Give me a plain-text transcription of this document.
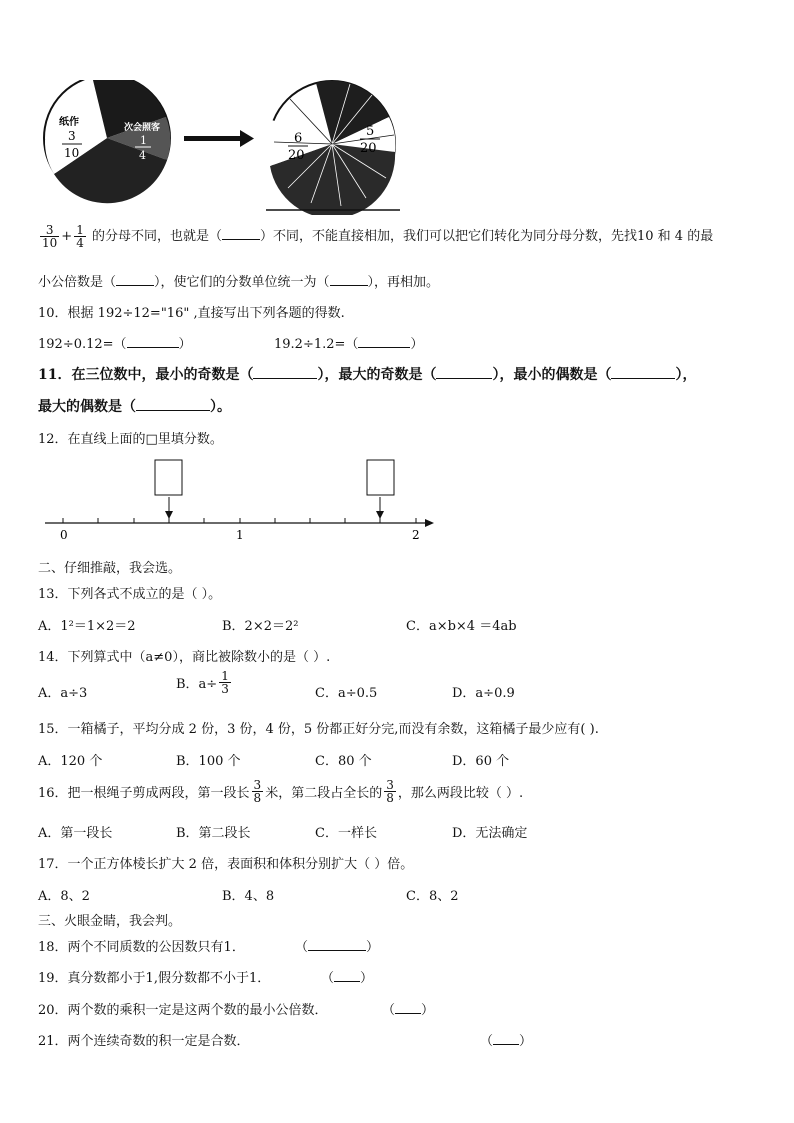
纸作
3
10
次会照客
1
4
6
20
5
20
$\frac{3}{10} + \frac{1}{4}$ 的分母不同，也就是（	）不同，不能直接相加，我们可以把它们转化为同分母分数，先找10 和 4 的最
小公倍数是（	），使它们的分数单位统一为（	），再相加。
10．根据 192÷12="16" ,直接写出下列各题的得数.
192÷0.12=（	）	19.2÷1.2=（	）
11．在三位数中，最小的奇数是（	），最大的奇数是（	），最小的偶数是（	），
最大的偶数是（	）。
12．在直线上面的□里填分数。
0	1	2
二、仔细推敲，我会选。
13．下列各式不成立的是（ ）。
A．1²＝1×2＝2	B．2×2＝2²	C．a×b×4 ＝4ab
14．下列算式中（a≠0），商比被除数小的是（ ）.
A．a÷3
B．$a\div \frac{1}{3}$	C．a÷0.5	D．a÷0.9
15．一箱橘子，平均分成 2 份，3 份，4 份，5 份都正好分完,而没有余数，这箱橘子最少应有( ).
A．120 个	B．100 个	C．80 个	D．60 个
16．把一根绳子剪成两段，第一段长 $\frac{3}{8}$ 米，第二段占全长的 $\frac{3}{8}$ ，那么两段比较（ ）.
A．第一段长	B．第二段长	C．一样长	D．无法确定
17．一个正方体棱长扩大 2 倍，表面积和体积分别扩大（ ）倍。
A．8、2	B．4、8	C．8、2
三、火眼金睛，我会判。
18．两个不同质数的公因数只有1．	（	）
19．真分数都小于1,假分数都不小于1．	（ ）
20．两个数的乘积一定是这两个数的最小公倍数．	（ ）
21．两个连续奇数的积一定是合数．	（ ）
